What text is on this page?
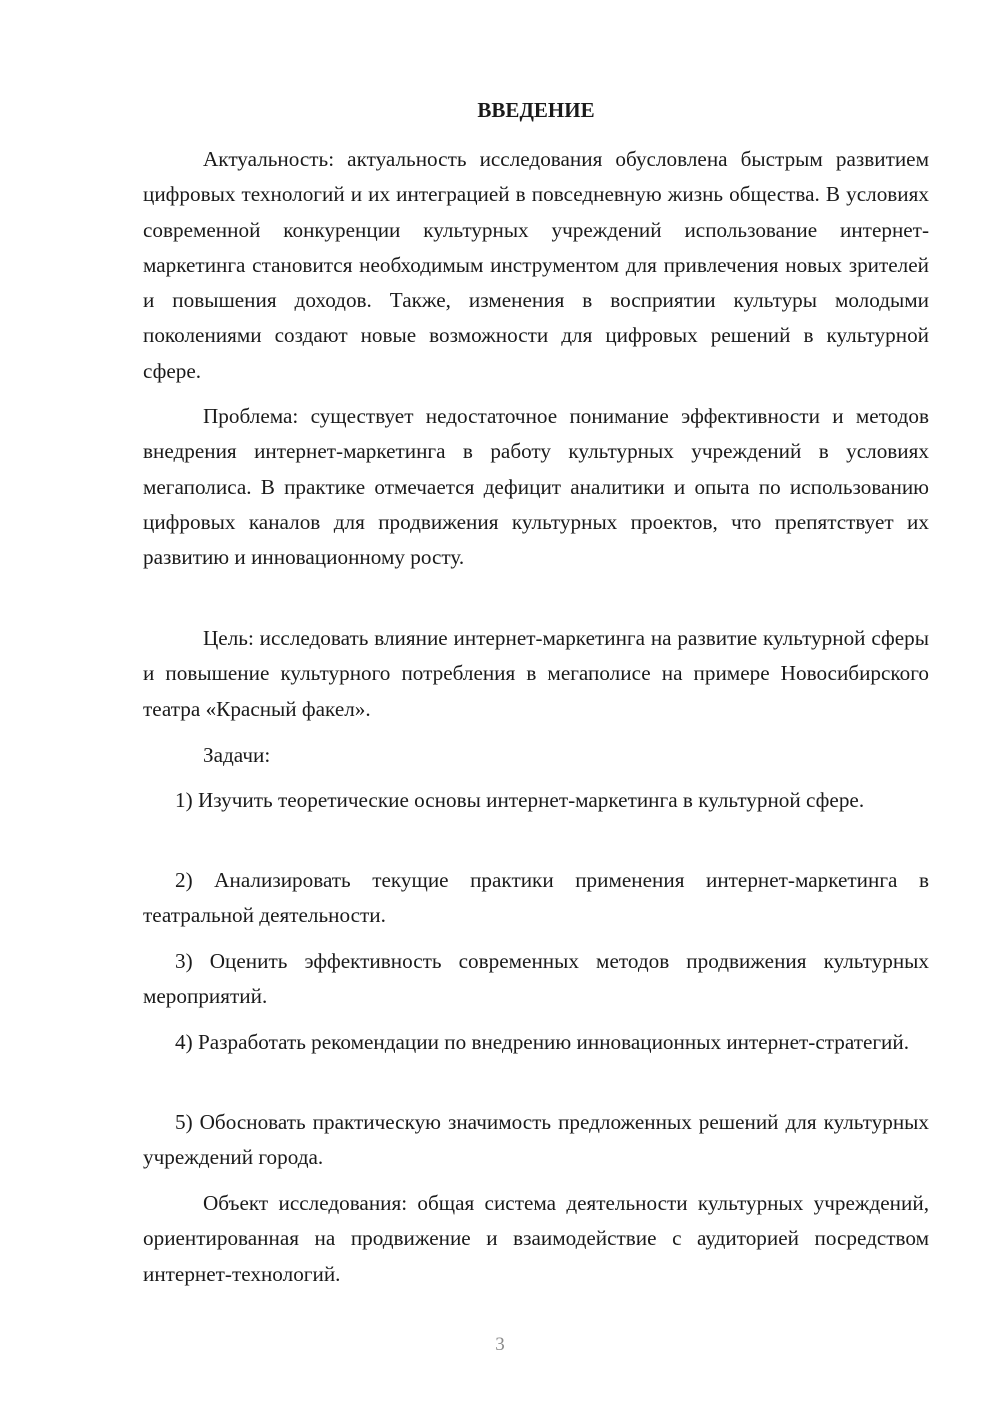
ВВЕДЕНИЕ

Актуальность: актуальность исследования обусловлена быстрым развитием цифровых технологий и их интеграцией в повседневную жизнь общества. В условиях современной конкуренции культурных учреждений использование интернет-маркетинга становится необходимым инструментом для привлечения новых зрителей и повышения доходов. Также, изменения в восприятии культуры молодыми поколениями создают новые возможности для цифровых решений в культурной сфере.

Проблема: существует недостаточное понимание эффективности и методов внедрения интернет-маркетинга в работу культурных учреждений в условиях мегаполиса. В практике отмечается дефицит аналитики и опыта по использованию цифровых каналов для продвижения культурных проектов, что препятствует их развитию и инновационному росту.

Цель: исследовать влияние интернет-маркетинга на развитие культурной сферы и повышение культурного потребления в мегаполисе на примере Новосибирского театра «Красный факел».

Задачи:

1) Изучить теоретические основы интернет-маркетинга в культурной сфере.

2) Анализировать текущие практики применения интернет-маркетинга в театральной деятельности.

3) Оценить эффективность современных методов продвижения культурных мероприятий.

4) Разработать рекомендации по внедрению инновационных интернет-стратегий.

5) Обосновать практическую значимость предложенных решений для культурных учреждений города.

Объект исследования: общая система деятельности культурных учреждений, ориентированная на продвижение и взаимодействие с аудиторией посредством интернет-технологий.

3
